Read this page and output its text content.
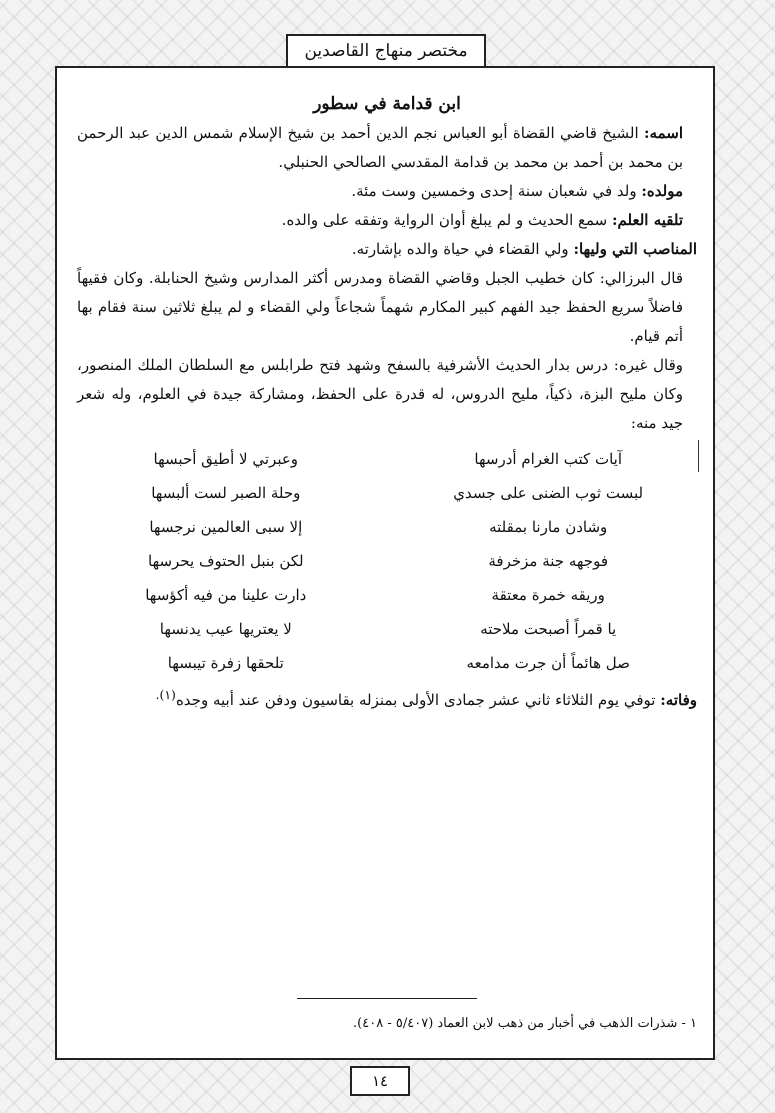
ابن قدامة في سطور

اسمه: الشيخ قاضي القضاة أبو العباس نجم الدين أحمد بن شيخ الإسلام شمس الدين عبد الرحمن بن محمد بن أحمد بن محمد بن قدامة المقدسي الصالحي الحنبلي.

مولده: ولد في شعبان سنة إحدى وخمسين وست مئة.

تلقيه العلم: سمع الحديث و لم يبلغ أوان الرواية وتفقه على والده.

المناصب التي وليها: ولي القضاء في حياة والده بإشارته.

قال البرزالي: كان خطيب الجبل وقاضي القضاة ومدرس أكثر المدارس وشيخ الحنابلة. وكان فقيهاً فاضلاً سريع الحفظ جيد الفهم كبير المكارم شهماً شجاعاً ولي القضاء و لم يبلغ ثلاثين سنة فقام بها أتم قيام.

وقال غيره: درس بدار الحديث الأشرفية بالسفح وشهد فتح طرابلس مع السلطان الملك المنصور، وكان مليح البزة، ذكياً، مليح الدروس، له قدرة على الحفظ، ومشاركة جيدة في العلوم، وله شعر جيد منه:

آيات كتب الغرام أدرسها
وعبرتي لا أطيق أحبسها
لبست ثوب الضنى على جسدي
وحلة الصبر لست ألبسها
وشادن مارنا بمقلته
إلا سبى العالمين نرجسها
فوجهه جنة مزخرفة
لكن بنبل الحتوف يحرسها
وريقه خمرة معتقة
دارت علينا من فيه أكؤسها
يا قمراً أصبحت ملاحته
لا يعتريها عيب يدنسها
صل هائماً أن جرت مدامعه
تلحقها زفرة تيبسها

وفاته: توفي يوم الثلاثاء ثاني عشر جمادى الأولى بمنزله بقاسيون ودفن عند أبيه وجده$^{(١).}$

١ - شذرات الذهب في أخبار من ذهب لابن العماد (٥/٤٠٧ - ٤٠٨).
مختصر منهاج القاصدين
١٤
